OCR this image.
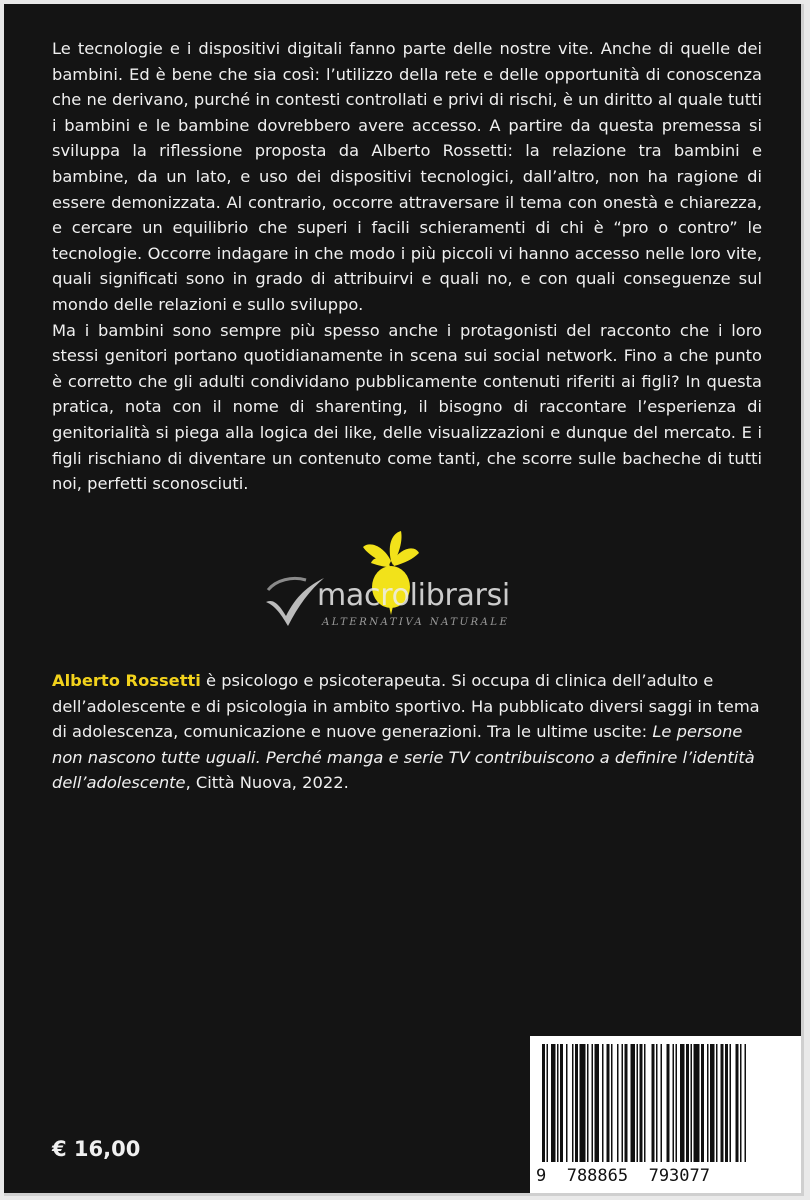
Le tecnologie e i dispositivi digitali fanno parte delle nostre vite. Anche di quelle dei bambini. Ed è bene che sia così: l’utilizzo della rete e delle opportunità di conoscenza che ne derivano, purché in contesti controllati e privi di rischi, è un diritto al quale tutti i bambini e le bambine dovrebbero avere accesso. A partire da questa premessa si sviluppa la riflessione proposta da Alberto Rossetti: la relazione tra bambini e bambine, da un lato, e uso dei dispositivi tecnologici, dall’altro, non ha ragione di essere demonizzata. Al contrario, occorre attraversare il tema con onestà e chiarezza, e cercare un equilibrio che superi i facili schieramenti di chi è “pro o contro” le tecnologie. Occorre indagare in che modo i più piccoli vi hanno accesso nelle loro vite, quali significati sono in grado di attribuirvi e quali no, e con quali conseguenze sul mondo delle relazioni e sullo sviluppo.

Ma i bambini sono sempre più spesso anche i protagonisti del racconto che i loro stessi genitori portano quotidianamente in scena sui social network. Fino a che punto è corretto che gli adulti condividano pubblicamente contenuti riferiti ai figli? In questa pratica, nota con il nome di sharenting, il bisogno di raccontare l’esperienza di genitorialità si piega alla logica dei like, delle visualizzazioni e dunque del mercato. E i figli rischiano di diventare un contenuto come tanti, che scorre sulle bacheche di tutti noi, perfetti sconosciuti.

macrolibrarsi
ALTERNATIVA NATURALE

Alberto Rossetti è psicologo e psicoterapeuta. Si occupa di clinica dell’adulto e dell’adolescente e di psicologia in ambito sportivo. Ha pubblicato diversi saggi in tema di adolescenza, comunicazione e nuove generazioni. Tra le ultime uscite: Le persone non nascono tutte uguali. Perché manga e serie TV contribuiscono a definire l’identità dell’adolescente, Città Nuova, 2022.

€ 16,00
9  788865  793077
